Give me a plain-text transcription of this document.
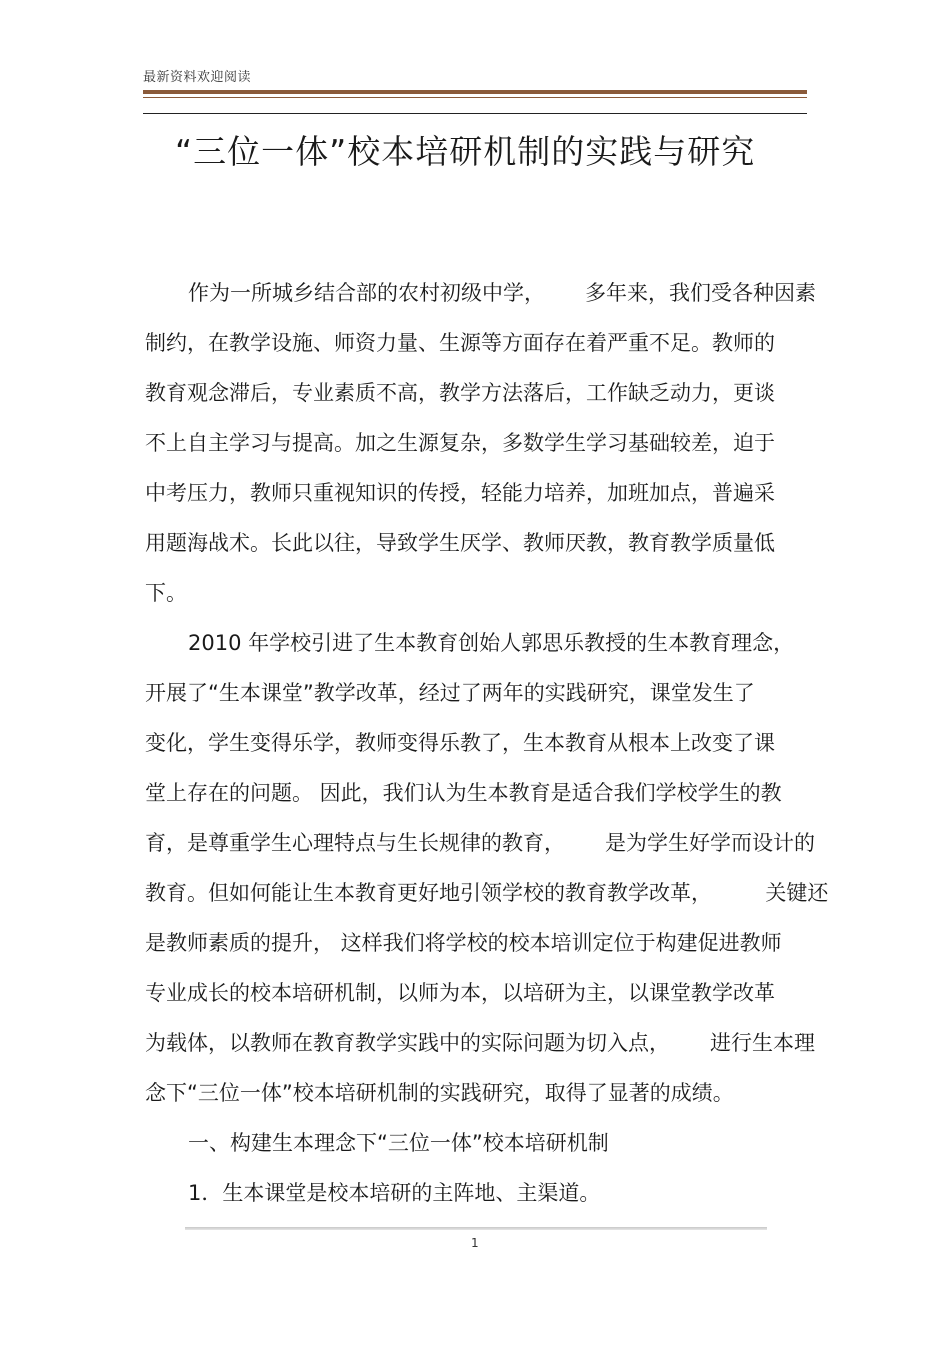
最新资料欢迎阅读
“三位一体”校本培研机制的实践与研究
作为一所城乡结合部的农村初级中学，      多年来，我们受各种因素
制约，在教学设施、师资力量、生源等方面存在着严重不足。教师的
教育观念滞后，专业素质不高，教学方法落后，工作缺乏动力，更谈
不上自主学习与提高。加之生源复杂，多数学生学习基础较差，迫于
中考压力，教师只重视知识的传授，轻能力培养，加班加点，普遍采
用题海战术。长此以往，导致学生厌学、教师厌教，教育教学质量低
下。
2010 年学校引进了生本教育创始人郭思乐教授的生本教育理念，
开展了“生本课堂”教学改革，经过了两年的实践研究，课堂发生了
变化，学生变得乐学，教师变得乐教了，生本教育从根本上改变了课
堂上存在的问题。 因此，我们认为生本教育是适合我们学校学生的教
育，是尊重学生心理特点与生长规律的教育，      是为学生好学而设计的
教育。但如何能让生本教育更好地引领学校的教育教学改革，        关键还
是教师素质的提升， 这样我们将学校的校本培训定位于构建促进教师
专业成长的校本培研机制，以师为本，以培研为主，以课堂教学改革
为载体，以教师在教育教学实践中的实际问题为切入点，      进行生本理
念下“三位一体”校本培研机制的实践研究，取得了显著的成绩。
一、构建生本理念下“三位一体”校本培研机制
1．生本课堂是校本培研的主阵地、主渠道。
1
